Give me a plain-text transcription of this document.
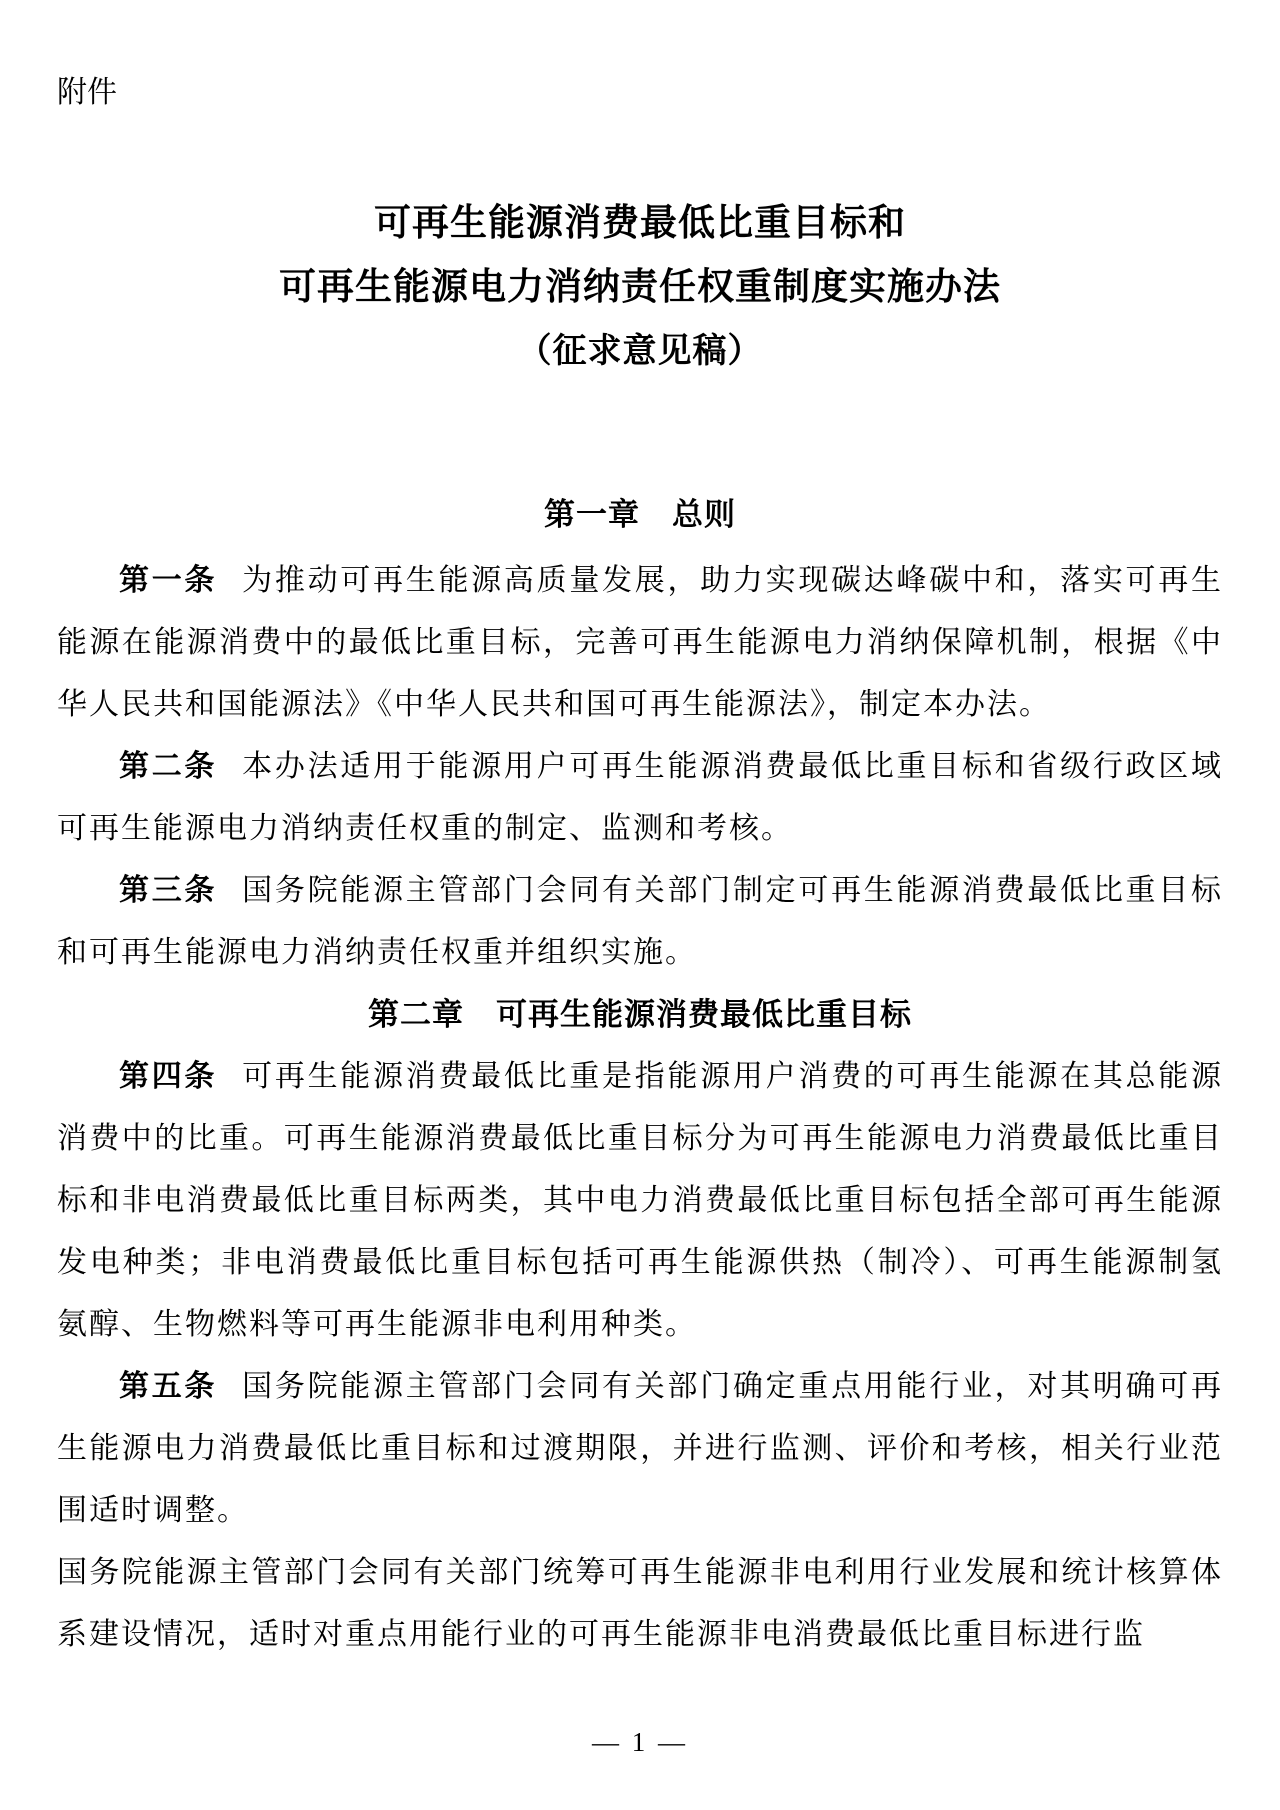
附件
可再生能源消费最低比重目标和
可再生能源电力消纳责任权重制度实施办法
（征求意见稿）
第一章　总则

第一条 为推动可再生能源高质量发展，助力实现碳达峰碳中和，落实可再生能源在能源消费中的最低比重目标，完善可再生能源电力消纳保障机制，根据《中华人民共和国能源法》《中华人民共和国可再生能源法》，制定本办法。

第二条 本办法适用于能源用户可再生能源消费最低比重目标和省级行政区域可再生能源电力消纳责任权重的制定、监测和考核。

第三条 国务院能源主管部门会同有关部门制定可再生能源消费最低比重目标和可再生能源电力消纳责任权重并组织实施。

第二章　可再生能源消费最低比重目标

第四条 可再生能源消费最低比重是指能源用户消费的可再生能源在其总能源消费中的比重。可再生能源消费最低比重目标分为可再生能源电力消费最低比重目标和非电消费最低比重目标两类，其中电力消费最低比重目标包括全部可再生能源发电种类；非电消费最低比重目标包括可再生能源供热（制冷）、可再生能源制氢氨醇、生物燃料等可再生能源非电利用种类。

第五条 国务院能源主管部门会同有关部门确定重点用能行业，对其明确可再生能源电力消费最低比重目标和过渡期限，并进行监测、评价和考核，相关行业范围适时调整。

国务院能源主管部门会同有关部门统筹可再生能源非电利用行业发展和统计核算体系建设情况，适时对重点用能行业的可再生能源非电消费最低比重目标进行监

— 1 —
